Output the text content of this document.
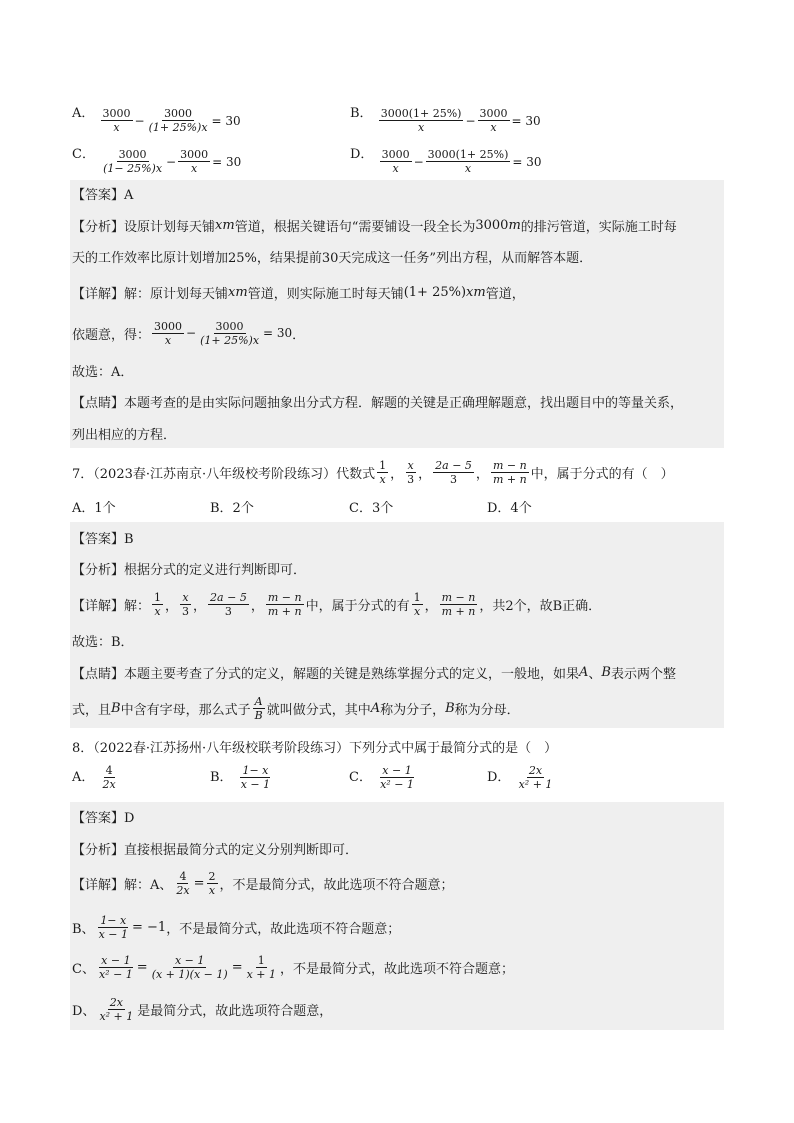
A． $\frac{3000}{x} - \frac{3000}{(1+ 25\%)x} = 30$	B． $\frac{3000(1+ 25\%)}{x} - \frac{3000}{x} = 30$
C． $\frac{3000}{(1- 25\%)x} - \frac{3000}{x} = 30$	D． $\frac{3000}{x} - \frac{3000(1+ 25\%)}{x} = 30$
【答案】A
【分析】设原计划每天铺 xm 管道，根据关键语句“需要铺设一段全长为 3000 m 的排污管道，实际施工时每
天的工作效率比原计划增加25%，结果提前30天完成这一任务”列出方程，从而解答本题．
【详解】解：原计划每天铺 xm 管道，则实际施工时每天铺 (1+ 25%) xm 管道，
依题意，得： $\frac{3000}{x} - \frac{3000}{(1+ 25\%)x} = 30$ ．
故选：A．
【点睛】本题考查的是由实际问题抽象出分式方程．解题的关键是正确理解题意，找出题目中的等量关系，
列出相应的方程．
7．（2023春·江苏南京·八年级校考阶段练习）代数式 $\frac{1}{x}$ ， $\frac{x}{3}$ ， $\frac{2a - 5}{3}$ ， $\frac{m - n}{m + n}$ 中，属于分式的有（　）
A．1个	B．2个	C．3个	D．4个
【答案】B
【分析】根据分式的定义进行判断即可．
【详解】解： $\frac{1}{x}$ ， $\frac{x}{3}$ ， $\frac{2a - 5}{3}$ ， $\frac{m - n}{m + n}$ 中，属于分式的有 $\frac{1}{x}$ ， $\frac{m - n}{m + n}$ ，共2个，故B正确．
故选：B．
【点睛】本题主要考查了分式的定义，解题的关键是熟练掌握分式的定义，一般地，如果 A 、 B 表示两个整
式，且 B 中含有字母，那么式子 $\frac{A}{B}$ 就叫做分式，其中 A 称为分子， B 称为分母．
8．（2022春·江苏扬州·八年级校联考阶段练习）下列分式中属于最简分式的是（　）
A． $\frac{4}{2x}$	B． $\frac{1- x}{x - 1}$	C． $\frac{x - 1}{\text{x² − 1}}$	D． $\frac{2x}{\text{x² + 1}}$
【答案】D
【分析】直接根据最简分式的定义分别判断即可．
【详解】解：A、 $\frac{4}{2x} = \frac{2}{x}$ ，不是最简分式，故此选项不符合题意；
B、 $\frac{1- x}{x - 1} = -1$ ，不是最简分式，故此选项不符合题意；
C、 $\frac{x - 1}{\text{x² − 1}} = \frac{x - 1}{(x + 1)(x - 1)} = \frac{1}{x + 1}$ ，不是最简分式，故此选项不符合题意；
D、 $\frac{2x}{\text{x² + 1}}$ 是最简分式，故此选项符合题意，
